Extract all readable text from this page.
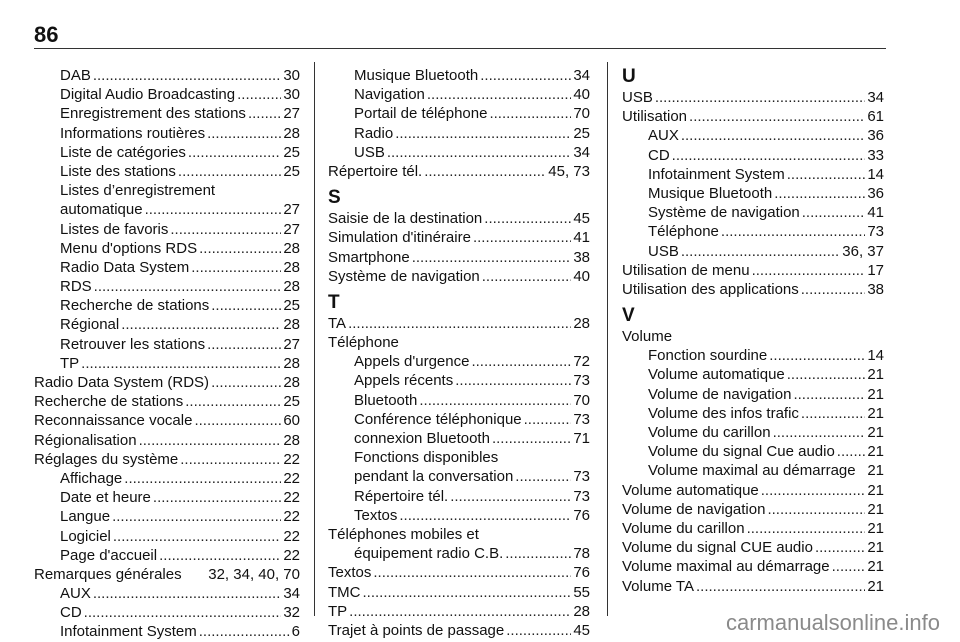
86
DAB .....	30
Digital Audio Broadcasting .....	30
Enregistrement des stations ..... 27
Informations routières .....	28
Liste de catégories .....	25
Liste des stations .....	25
Listes d’enregistrement
automatique .....	27
Listes de favoris .....	27
Menu d'options RDS .....	28
Radio Data System .....	28
RDS .....	28
Recherche de stations .....	25
Régional .....	28
Retrouver les stations .....	27
TP .....	28
Radio Data System (RDS) .....	28
Recherche de stations .....	25
Reconnaissance vocale .....	60
Régionalisation .....	28
Réglages du système .....	22
Affichage .....	22
Date et heure .....	22
Langue .....	22
Logiciel .....	22
Page d'accueil .....	22
Remarques générales 32, 34, 40, 70
AUX .....	34
CD .....	32
Infotainment System .....	6
Musique Bluetooth .....	34
Navigation .....	40
Portail de téléphone .....	70
Radio .....	25
USB .....	34
Répertoire tél. .....	45, 73
S
Saisie de la destination .....	45
Simulation d'itinéraire .....	41
Smartphone .....	38
Système de navigation .....	40
T
TA .....	28
Téléphone
Appels d'urgence .....	72
Appels récents .....	73
Bluetooth .....	70
Conférence téléphonique .....	73
connexion Bluetooth .....	71
Fonctions disponibles
pendant la conversation .....	73
Répertoire tél. .....	73
Textos .....	76
Téléphones mobiles et
équipement radio C.B. .....	78
Textos .....	76
TMC .....	55
TP .....	28
Trajet à points de passage .....	45
U
USB .....	34
Utilisation .....	61
AUX .....	36
CD .....	33
Infotainment System .....	14
Musique Bluetooth .....	36
Système de navigation .....	41
Téléphone .....	73
USB .....	36, 37
Utilisation de menu .....	17
Utilisation des applications .....	38
V
Volume
Fonction sourdine .....	14
Volume automatique .....	21
Volume de navigation .....	21
Volume des infos trafic .....	21
Volume du carillon .....	21
Volume du signal Cue audio ..... 21
Volume maximal au démarrage 21
Volume automatique .....	21
Volume de navigation .....	21
Volume du carillon .....	21
Volume du signal CUE audio .....	21
Volume maximal au démarrage .....	21
Volume TA .....	21
carmanualsonline.info
